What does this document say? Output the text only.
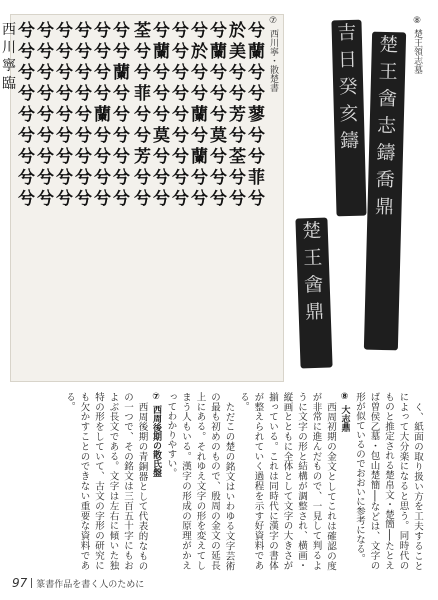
兮
蘭
兮
兮
蓼
兮
兮
菲
兮
於
美
兮
兮
芳
兮
荃
兮
兮
兮
蘭
兮
兮
兮
莫
兮
兮
兮
兮
於
兮
兮
蘭
兮
蘭
兮
兮
兮
兮
兮
兮
兮
兮
兮
兮
兮
兮
蘭
兮
兮
兮
莫
兮
兮
兮
荃
兮
兮
菲
兮
兮
芳
兮
兮
兮
兮
蘭
兮
兮
兮
兮
兮
兮
兮
兮
兮
兮
蘭
兮
兮
兮
兮
兮
兮
兮
兮
兮
兮
兮
兮
兮
兮
兮
兮
兮
兮
兮
兮
兮
兮
兮
兮
兮
兮
兮
兮
兮
兮
兮
兮
兮
兮
兮
兮
兮
兮
兮
兮
西
川
寧
臨	⑦ 西川寧・散楚書	楚
王
酓
志
鑄
喬
鼎
吉
日
癸
亥
鑄
楚
王
酓
鼎
⑧ 楚王領志墓

く、紙面の取り扱い方を工夫することによって大分楽になると思う。同時代のものと推定される楚帛文・楚簡──たとえば曽侯乙墓・包山楚簡──などは、文字の形が似ているのでおおいに参考になる。

⑧ 大志鼎

西周初期の金文としてこれは確認の度が非常に進んだもので、一見して判るように文字の形と結構が調整され、横画・縦画とともに全体として文字の大きさが揃っている。これは同時代に漢字の書体が整えられていく過程を示す好資料である。

ただこの楚の銘文はいわゆる文字芸術の最も初めのもので、殷周の金文の延長上にある。それゆえ文字の形を変えてしまう人もいる。漢字の形成の原理がかえってわかりやすい。

⑦ 西周後期の散氏盤

西周後期の青銅器として代表的なものの一つで、その銘文は三百五十字にもおよぶ長文である。文字は左右に傾いた独特の形をしていて、古文の字形の研究にも欠かすことのできない重要な資料である。

97 篆書作品を書く人のために
